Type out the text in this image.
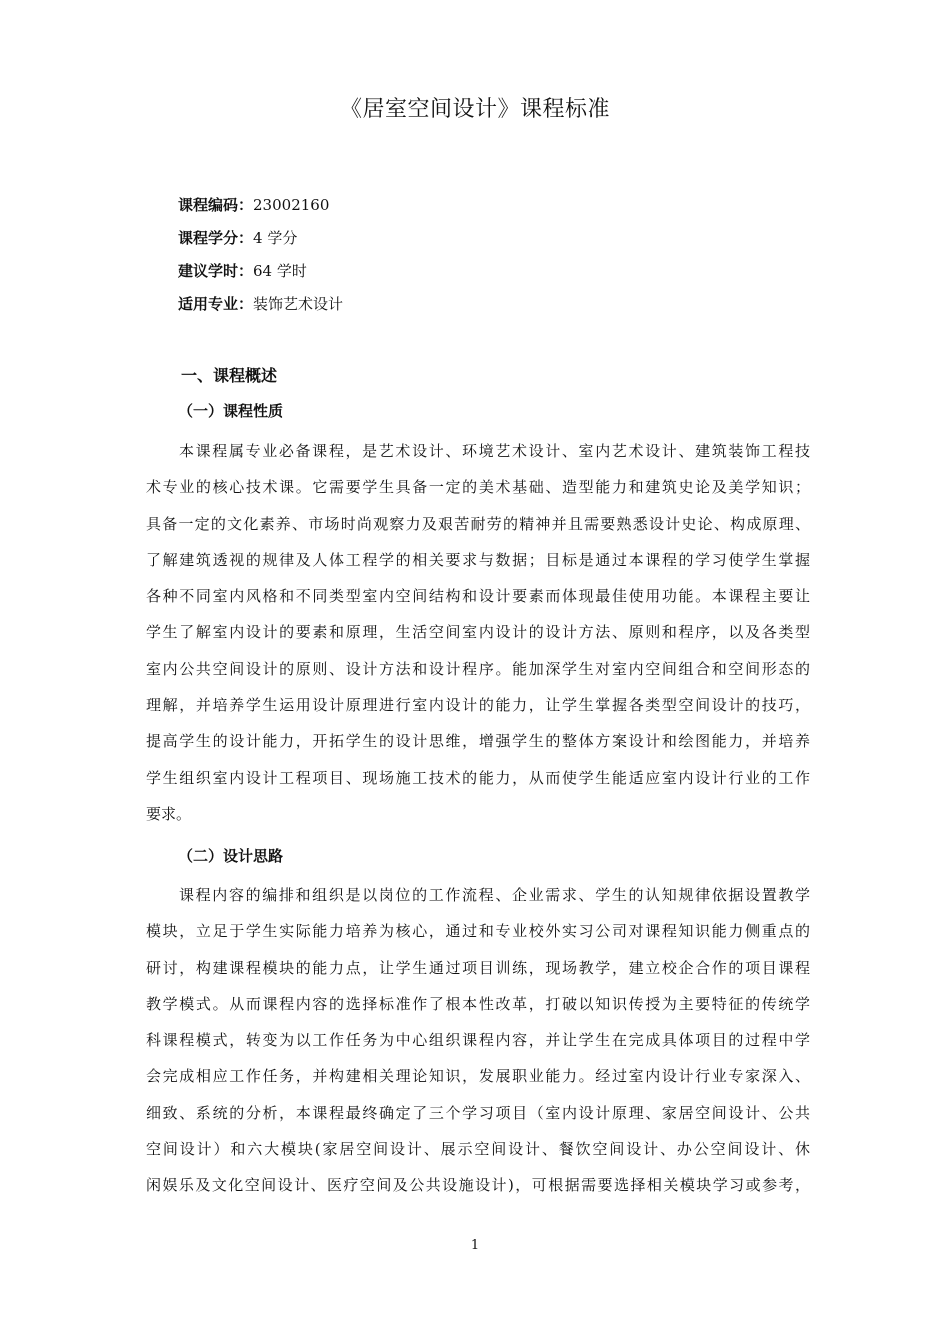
《居室空间设计》课程标准
课程编码：23002160
课程学分：4 学分
建议学时：64 学时
适用专业：装饰艺术设计
一、课程概述
（一）课程性质
本课程属专业必备课程，是艺术设计、环境艺术设计、室内艺术设计、建筑装饰工程技
术专业的核心技术课。它需要学生具备一定的美术基础、造型能力和建筑史论及美学知识；
具备一定的文化素养、市场时尚观察力及艰苦耐劳的精神并且需要熟悉设计史论、构成原理、
了解建筑透视的规律及人体工程学的相关要求与数据；目标是通过本课程的学习使学生掌握
各种不同室内风格和不同类型室内空间结构和设计要素而体现最佳使用功能。本课程主要让
学生了解室内设计的要素和原理，生活空间室内设计的设计方法、原则和程序，以及各类型
室内公共空间设计的原则、设计方法和设计程序。能加深学生对室内空间组合和空间形态的
理解，并培养学生运用设计原理进行室内设计的能力，让学生掌握各类型空间设计的技巧，
提高学生的设计能力，开拓学生的设计思维，增强学生的整体方案设计和绘图能力，并培养
学生组织室内设计工程项目、现场施工技术的能力，从而使学生能适应室内设计行业的工作
要求。
（二）设计思路
课程内容的编排和组织是以岗位的工作流程、企业需求、学生的认知规律依据设置教学
模块，立足于学生实际能力培养为核心，通过和专业校外实习公司对课程知识能力侧重点的
研讨，构建课程模块的能力点，让学生通过项目训练，现场教学，建立校企合作的项目课程
教学模式。从而课程内容的选择标准作了根本性改革，打破以知识传授为主要特征的传统学
科课程模式，转变为以工作任务为中心组织课程内容，并让学生在完成具体项目的过程中学
会完成相应工作任务，并构建相关理论知识，发展职业能力。经过室内设计行业专家深入、
细致、系统的分析，本课程最终确定了三个学习项目（室内设计原理、家居空间设计、公共
空间设计）和六大模块(家居空间设计、展示空间设计、餐饮空间设计、办公空间设计、休
闲娱乐及文化空间设计、医疗空间及公共设施设计)，可根据需要选择相关模块学习或参考，
1
